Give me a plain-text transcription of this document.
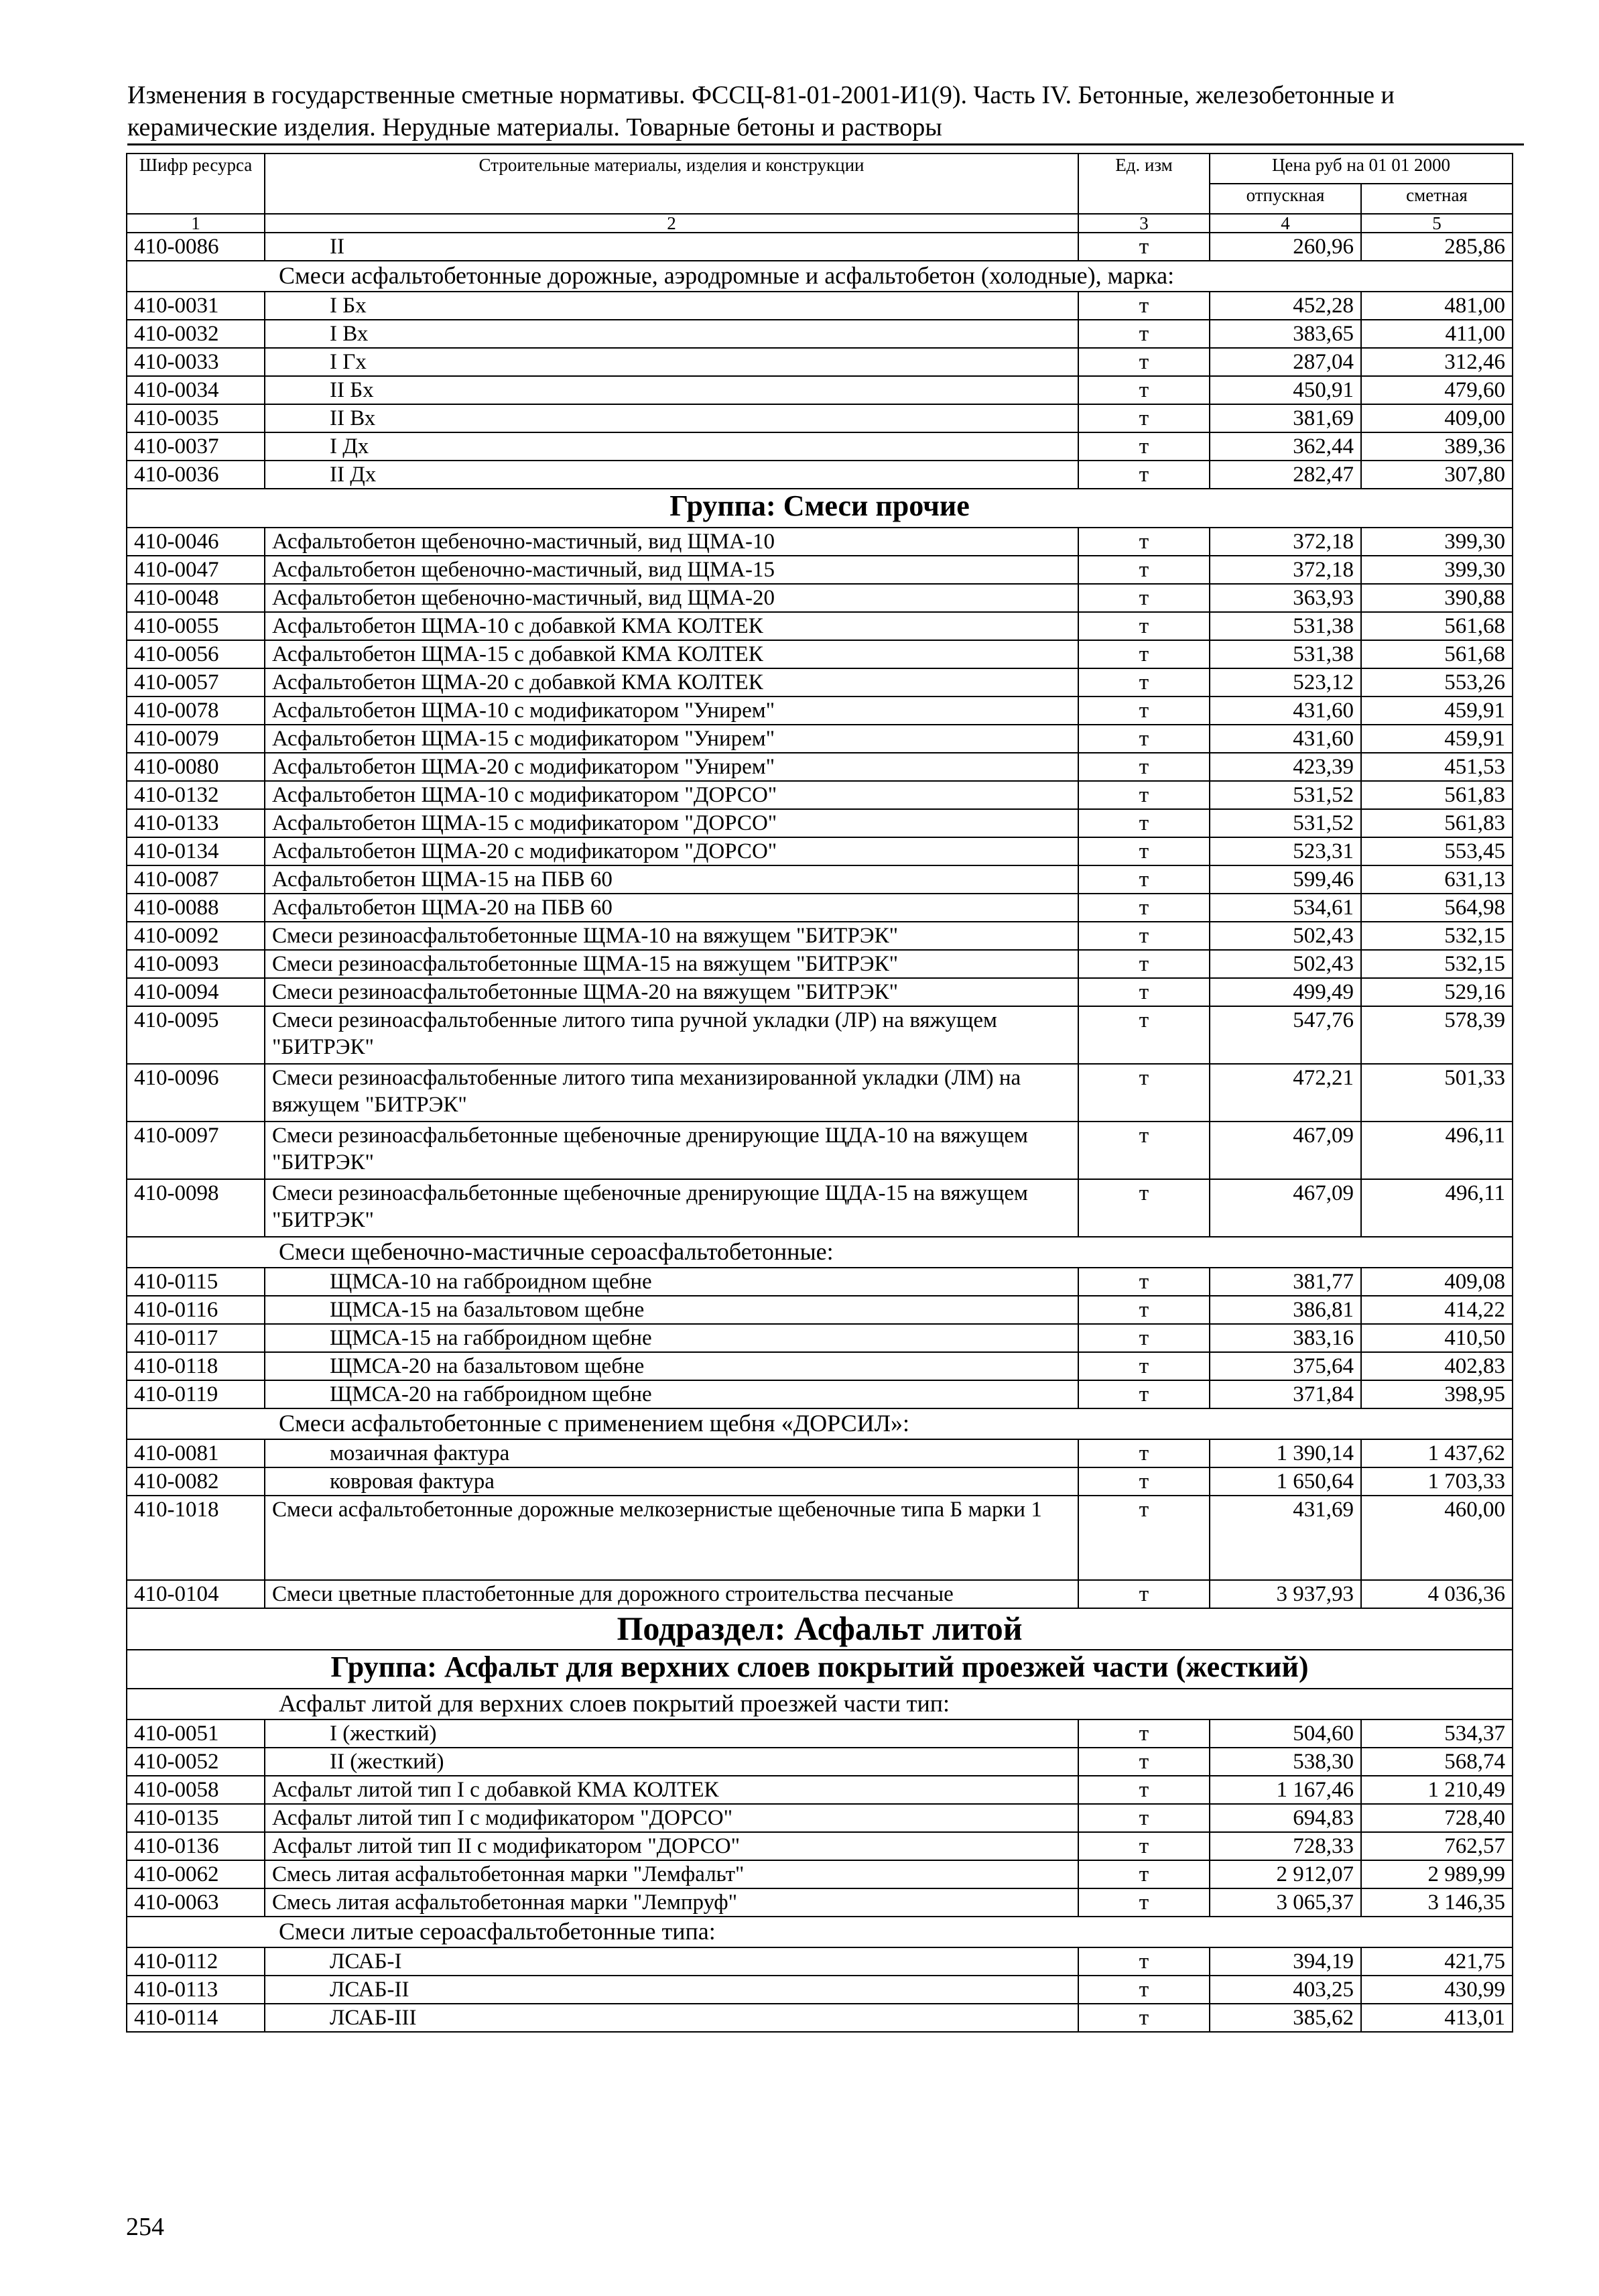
Изменения в государственные сметные нормативы. ФССЦ-81-01-2001-И1(9). Часть IV. Бетонные, железобетонные и
керамические изделия. Нерудные материалы. Товарные бетоны и растворы
Шифр ресурса	Строительные материалы, изделия и конструкции	Ед. изм	Цена руб на 01 01 2000	
			отпускная	сметная
1	2	3	4	5
410-0086	II	т	260,96	285,86
Смеси асфальтобетонные дорожные, аэродромные и асфальтобетон (холодные), марка:				
410-0031	I Бх	т	452,28	481,00
410-0032	I Вх	т	383,65	411,00
410-0033	I Гх	т	287,04	312,46
410-0034	II Бх	т	450,91	479,60
410-0035	II Вх	т	381,69	409,00
410-0037	I Дх	т	362,44	389,36
410-0036	II Дх	т	282,47	307,80
Группа: Смеси прочие				
410-0046	Асфальтобетон щебеночно-мастичный, вид ЩМА-10	т	372,18	399,30
410-0047	Асфальтобетон щебеночно-мастичный, вид ЩМА-15	т	372,18	399,30
410-0048	Асфальтобетон щебеночно-мастичный, вид ЩМА-20	т	363,93	390,88
410-0055	Асфальтобетон ЩМА-10 с добавкой КМА КОЛТЕК	т	531,38	561,68
410-0056	Асфальтобетон ЩМА-15 с добавкой КМА КОЛТЕК	т	531,38	561,68
410-0057	Асфальтобетон ЩМА-20 с добавкой КМА КОЛТЕК	т	523,12	553,26
410-0078	Асфальтобетон ЩМА-10 с модификатором "Унирем"	т	431,60	459,91
410-0079	Асфальтобетон ЩМА-15 с модификатором "Унирем"	т	431,60	459,91
410-0080	Асфальтобетон ЩМА-20 с модификатором "Унирем"	т	423,39	451,53
410-0132	Асфальтобетон ЩМА-10 с модификатором "ДОРСО"	т	531,52	561,83
410-0133	Асфальтобетон ЩМА-15 с модификатором "ДОРСО"	т	531,52	561,83
410-0134	Асфальтобетон ЩМА-20 с модификатором "ДОРСО"	т	523,31	553,45
410-0087	Асфальтобетон ЩМА-15 на ПБВ 60	т	599,46	631,13
410-0088	Асфальтобетон ЩМА-20 на ПБВ 60	т	534,61	564,98
410-0092	Смеси резиноасфальтобетонные ЩМА-10 на вяжущем "БИТРЭК"	т	502,43	532,15
410-0093	Смеси резиноасфальтобетонные ЩМА-15 на вяжущем "БИТРЭК"	т	502,43	532,15
410-0094	Смеси резиноасфальтобетонные ЩМА-20 на вяжущем "БИТРЭК"	т	499,49	529,16
410-0095	Смеси резиноасфальтобенные литого типа ручной укладки (ЛР) на вяжущем "БИТРЭК"	т	547,76	578,39
410-0096	Смеси резиноасфальтобенные литого типа механизированной укладки (ЛМ) на вяжущем "БИТРЭК"	т	472,21	501,33
410-0097	Смеси резиноасфальбетонные щебеночные дренирующие ЩДА-10 на вяжущем "БИТРЭК"	т	467,09	496,11
410-0098	Смеси резиноасфальбетонные щебеночные дренирующие ЩДА-15 на вяжущем "БИТРЭК"	т	467,09	496,11
Смеси щебеночно-мастичные сероасфальтобетонные:				
410-0115	ЩМСА-10 на габброидном щебне	т	381,77	409,08
410-0116	ЩМСА-15 на базальтовом щебне	т	386,81	414,22
410-0117	ЩМСА-15 на габброидном щебне	т	383,16	410,50
410-0118	ЩМСА-20 на базальтовом щебне	т	375,64	402,83
410-0119	ЩМСА-20 на габброидном щебне	т	371,84	398,95
Смеси асфальтобетонные с применением щебня «ДОРСИЛ»:				
410-0081	мозаичная фактура	т	1 390,14	1 437,62
410-0082	ковровая фактура	т	1 650,64	1 703,33
410-1018	Смеси асфальтобетонные дорожные мелкозернистые щебеночные типа Б марки 1	т	431,69	460,00
410-0104	Смеси цветные пластобетонные для дорожного строительства песчаные	т	3 937,93	4 036,36
Подраздел: Асфальт литой				
Группа: Асфальт для верхних слоев покрытий проезжей части (жесткий)				
Асфальт литой для верхних слоев покрытий проезжей части тип:				
410-0051	I (жесткий)	т	504,60	534,37
410-0052	II (жесткий)	т	538,30	568,74
410-0058	Асфальт литой тип I с добавкой КМА КОЛТЕК	т	1 167,46	1 210,49
410-0135	Асфальт литой тип I с модификатором "ДОРСО"	т	694,83	728,40
410-0136	Асфальт литой тип II с модификатором "ДОРСО"	т	728,33	762,57
410-0062	Смесь литая асфальтобетонная марки "Лемфальт"	т	2 912,07	2 989,99
410-0063	Смесь литая асфальтобетонная марки "Лемпруф"	т	3 065,37	3 146,35
Смеси литые сероасфальтобетонные типа:				
410-0112	ЛСАБ-I	т	394,19	421,75
410-0113	ЛСАБ-II	т	403,25	430,99
410-0114	ЛСАБ-III	т	385,62	413,01
254
